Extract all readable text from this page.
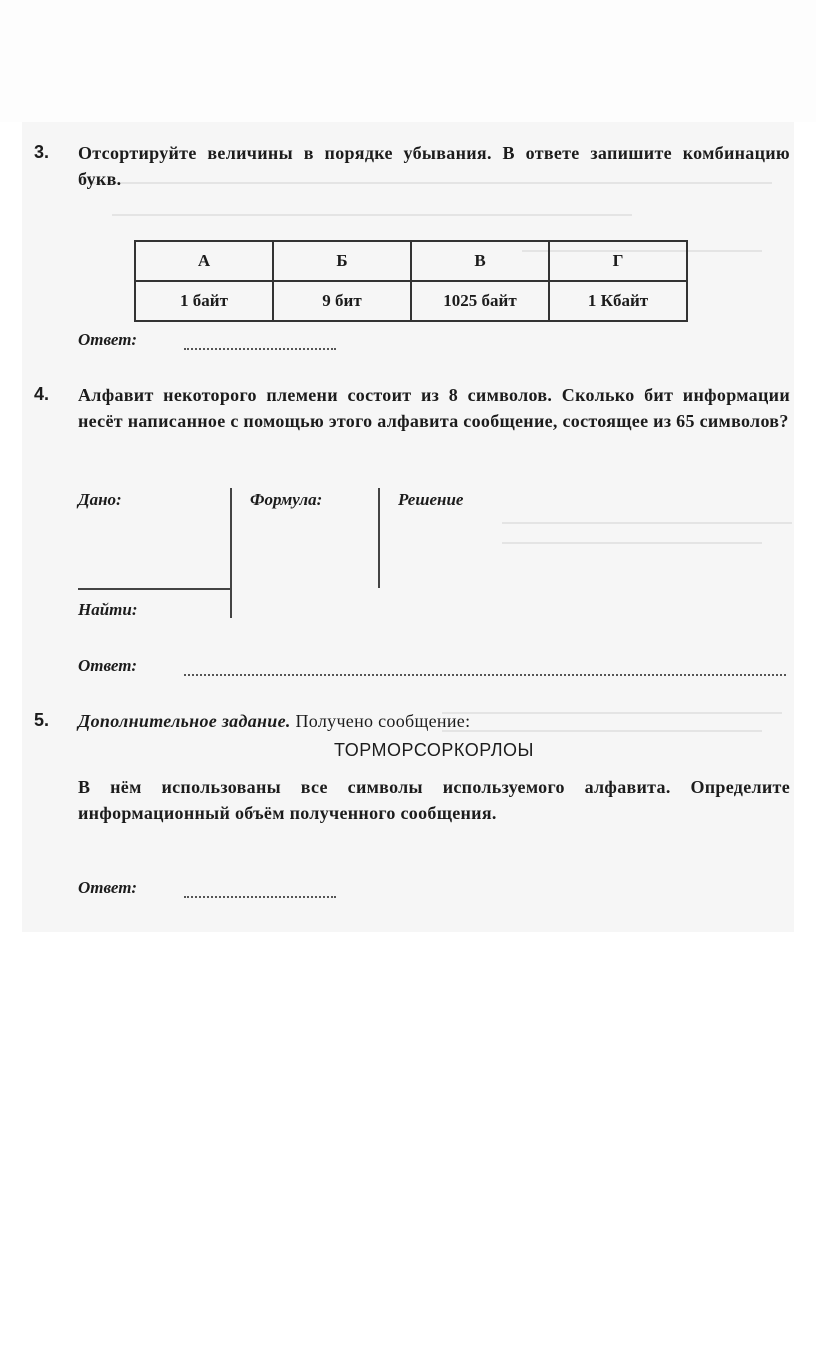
3. Отсортируйте величины в порядке убывания. В ответе запишите комбинацию букв.
А	Б	В	Г
1 байт	9 бит	1025 байт	1 Кбайт
Ответ:
4. Алфавит некоторого племени состоит из 8 символов. Сколько бит информации несёт написанное с помощью этого алфавита сообщение, состоящее из 65 символов?
Дано:	Формула:	Решение
Найти:
Ответ:
5. Дополнительное задание. Получено сообщение:
ТОРМОРСОРКОРЛОЫ
В нём использованы все символы используемого алфавита. Определите информационный объём полученного сообщения.
Ответ:
